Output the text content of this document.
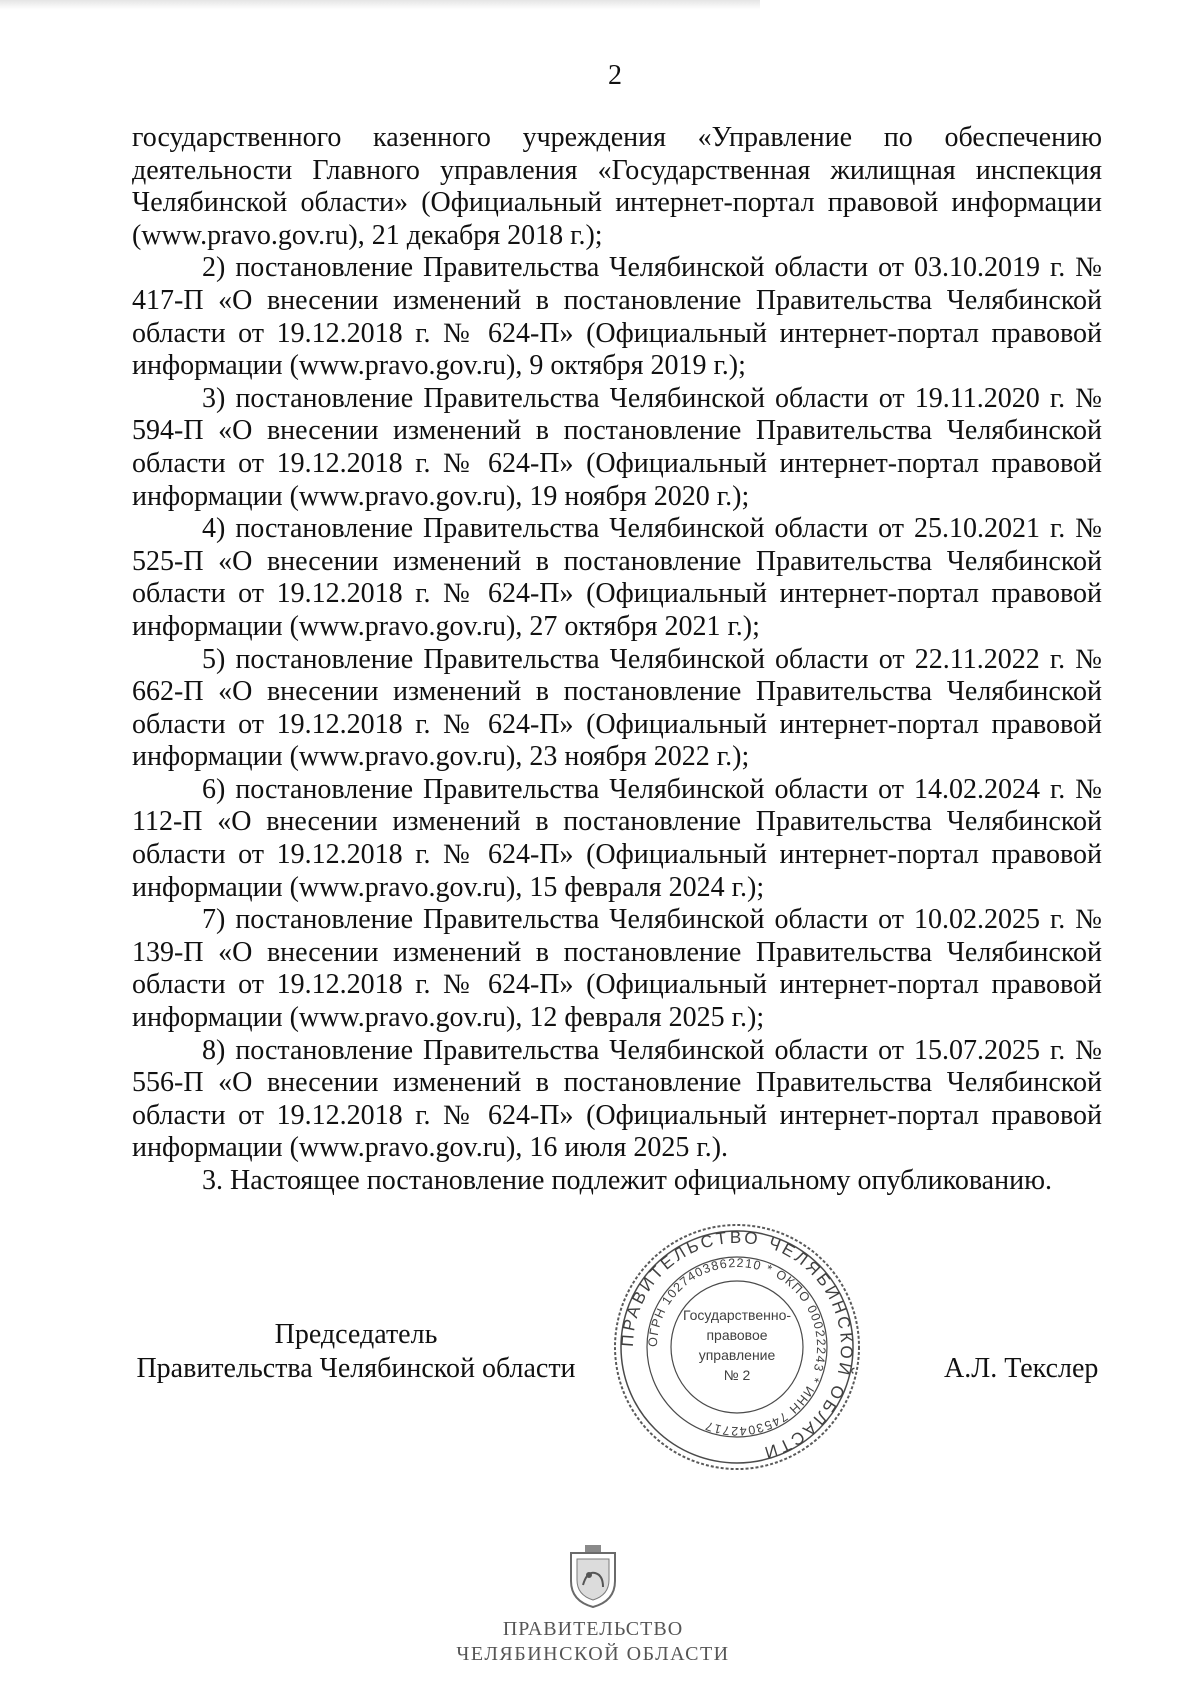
2

государственного казенного учреждения «Управление по обеспечению деятельности Главного управления «Государственная жилищная инспекция Челябинской области» (Официальный интернет-портал правовой информации (www.pravo.gov.ru), 21 декабря 2018 г.);

2) постановление Правительства Челябинской области от 03.10.2019 г. № 417-П «О внесении изменений в постановление Правительства Челябинской области от 19.12.2018 г. № 624-П» (Официальный интернет-портал правовой информации (www.pravo.gov.ru), 9 октября 2019 г.);

3) постановление Правительства Челябинской области от 19.11.2020 г. № 594-П «О внесении изменений в постановление Правительства Челябинской области от 19.12.2018 г. № 624-П» (Официальный интернет-портал правовой информации (www.pravo.gov.ru), 19 ноября 2020 г.);

4) постановление Правительства Челябинской области от 25.10.2021 г. № 525-П «О внесении изменений в постановление Правительства Челябинской области от 19.12.2018 г. № 624-П» (Официальный интернет-портал правовой информации (www.pravo.gov.ru), 27 октября 2021 г.);

5) постановление Правительства Челябинской области от 22.11.2022 г. № 662-П «О внесении изменений в постановление Правительства Челябинской области от 19.12.2018 г. № 624-П» (Официальный интернет-портал правовой информации (www.pravo.gov.ru), 23 ноября 2022 г.);

6) постановление Правительства Челябинской области от 14.02.2024 г. № 112-П «О внесении изменений в постановление Правительства Челябинской области от 19.12.2018 г. № 624-П» (Официальный интернет-портал правовой информации (www.pravo.gov.ru), 15 февраля 2024 г.);

7) постановление Правительства Челябинской области от 10.02.2025 г. № 139-П «О внесении изменений в постановление Правительства Челябинской области от 19.12.2018 г. № 624-П» (Официальный интернет-портал правовой информации (www.pravo.gov.ru), 12 февраля 2025 г.);

8) постановление Правительства Челябинской области от 15.07.2025 г. № 556-П «О внесении изменений в постановление Правительства Челябинской области от 19.12.2018 г. № 624-П» (Официальный интернет-портал правовой информации (www.pravo.gov.ru), 16 июля 2025 г.).

3. Настоящее постановление подлежит официальному опубликованию.

Председатель
Правительства Челябинской области
ПРАВИТЕЛЬСТВО ЧЕЛЯБИНСКОЙ ОБЛАСТИ
ОГРН 1027403862210 * ОКПО 00022243 * ИНН 7453042717
Государственно-
правовое
управление
№ 2	А.Л. Текслер
ПРАВИТЕЛЬСТВО
ЧЕЛЯБИНСКОЙ ОБЛАСТИ
